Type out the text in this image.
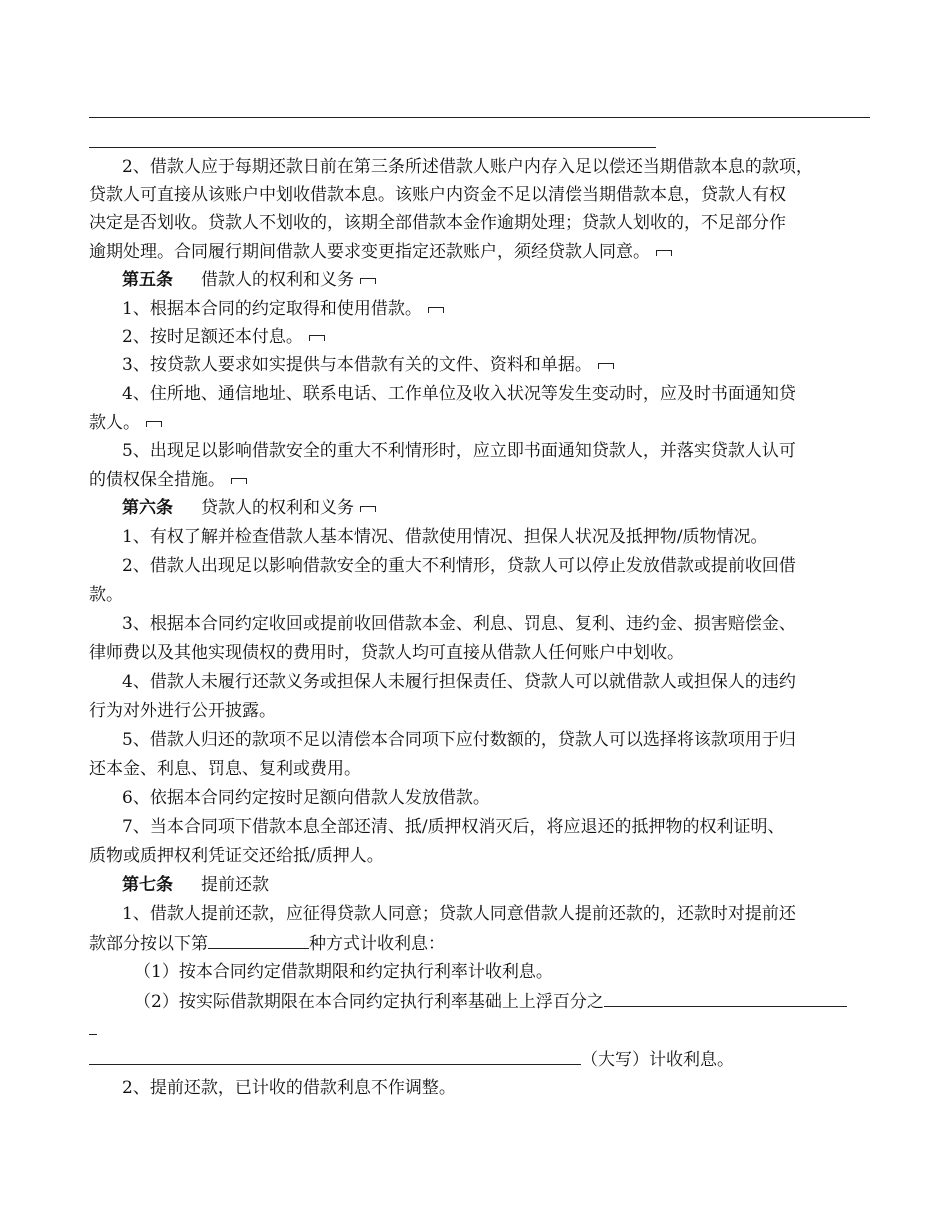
2、借款人应于每期还款日前在第三条所述借款人账户内存入足以偿还当期借款本息的款项，
贷款人可直接从该账户中划收借款本息。该账户内资金不足以清偿当期借款本息，贷款人有权
决定是否划收。贷款人不划收的，该期全部借款本金作逾期处理；贷款人划收的，不足部分作
逾期处理。合同履行期间借款人要求变更指定还款账户，须经贷款人同意。
第五条 借款人的权利和义务
1、根据本合同的约定取得和使用借款。
2、按时足额还本付息。
3、按贷款人要求如实提供与本借款有关的文件、资料和单据。
4、住所地、通信地址、联系电话、工作单位及收入状况等发生变动时，应及时书面通知贷
款人。
5、出现足以影响借款安全的重大不利情形时，应立即书面通知贷款人，并落实贷款人认可
的债权保全措施。
第六条 贷款人的权利和义务
1、有权了解并检查借款人基本情况、借款使用情况、担保人状况及抵押物/质物情况。
2、借款人出现足以影响借款安全的重大不利情形，贷款人可以停止发放借款或提前收回借
款。
3、根据本合同约定收回或提前收回借款本金、利息、罚息、复利、违约金、损害赔偿金、
律师费以及其他实现债权的费用时，贷款人均可直接从借款人任何账户中划收。
4、借款人未履行还款义务或担保人未履行担保责任、贷款人可以就借款人或担保人的违约
行为对外进行公开披露。
5、借款人归还的款项不足以清偿本合同项下应付数额的，贷款人可以选择将该款项用于归
还本金、利息、罚息、复利或费用。
6、依据本合同约定按时足额向借款人发放借款。
7、当本合同项下借款本息全部还清、抵/质押权消灭后，将应退还的抵押物的权利证明、
质物或质押权利凭证交还给抵/质押人。
第七条 提前还款
1、借款人提前还款，应征得贷款人同意；贷款人同意借款人提前还款的，还款时对提前还
款部分按以下第	种方式计收利息：
（1）按本合同约定借款期限和约定执行利率计收利息。
（2）按实际借款期限在本合同约定执行利率基础上上浮百分之
（大写）计收利息。
2、提前还款，已计收的借款利息不作调整。
